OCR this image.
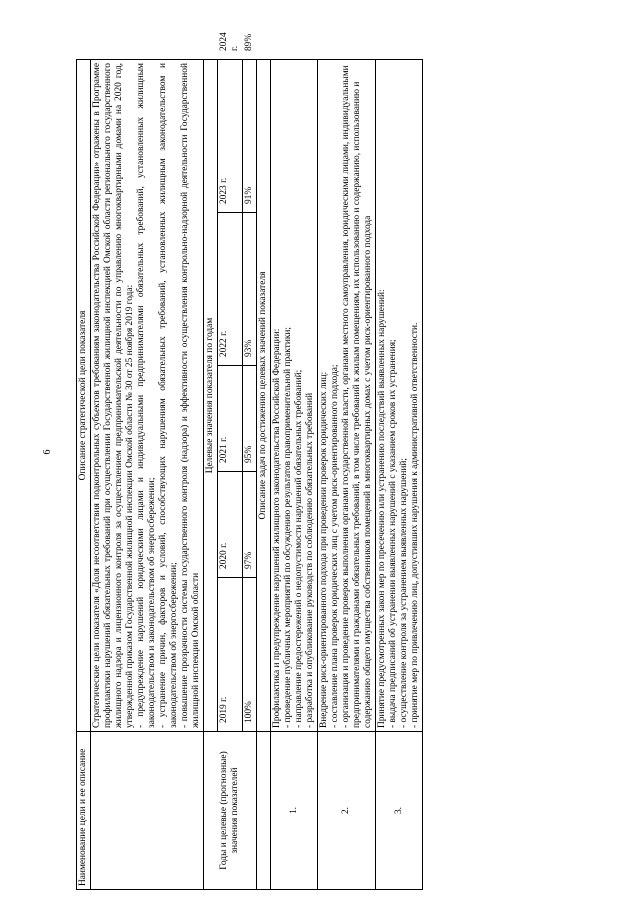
6
Наименование цели и ее описание	Описание стратегической цели показателя					

	Стратегические цели показателя «Доля несоответствия подконтрольных субъектов требованиям законодательства Российской Федерации» отражены в Программе профилактики нарушений обязательных требований при осуществлении Государственной жилищной инспекцией Омской области регионального государственного жилищного надзора и лицензионного контроля за осуществлением предпринимательской деятельности по управлению многоквартирными домами на 2020 год, утвержденной приказом Государственной жилищной инспекции Омской области № 30 от 25 ноября 2019 года: - предупреждение нарушений юридическими лицами и индивидуальными предпринимателями обязательных требований, установленных жилищным законодательством и законодательством об энергосбережении; - устранение причин, факторов и условий, способствующих нарушениям обязательных требований, установленных жилищным законодательством и законодательством об энергосбережении; - повышение прозрачности системы государственного контроля (надзора) и эффективности осуществления контрольно-надзорной деятельности Государственной жилищной инспекции Омской области					

Годы и целевые (прогнозные) значения показателей	Целевые значения показателя по годам					
	2019 г.	2020 г.	2021 г.	2022 г.	2023 г.	2024 г.
	100%	97%	95%	93%	91%	89%
	Описание задач по достижению целевых значений показателя					
1.	Профилактика и предупреждение нарушений жилищного законодательства Российской Федерации: - проведение публичных мероприятий по обсуждению результатов правоприменительной практики; - направление предостережений о недопустимости нарушений обязательных требований; - разработка и опубликование руководств по соблюдению обязательных требований					

2.	Внедрение риск-ориентированного подхода при проведении проверок юридических лиц: - составление плана проверок юридических лиц с учетом риск-ориентированного подхода; - организация и проведение проверок выполнения органами государственной власти, органами местного самоуправления, юридическими лицами, индивидуальными предпринимателями и гражданами обязательных требований, в том числе требований к жилым помещениям, их использованию и содержанию, использованию и содержанию общего имущества собственников помещений в многоквартирных домах с учетом риск-ориентированного подхода					

3.	Принятие предусмотренных закон мер по пресечению или устранению последствий выявленных нарушений: - выдача предписаний об устранении выявленных нарушений с указанием сроков их устранения; - осуществление контроля за устранением выявленных нарушений; - принятие мер по привлечению лиц, допустивших нарушения к административной ответственности.					
